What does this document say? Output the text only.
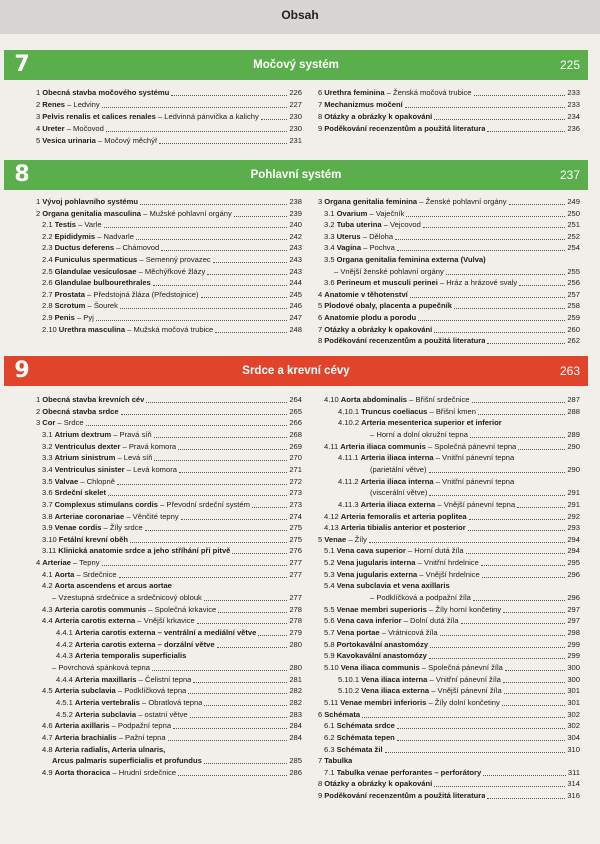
Obsah
7	Močový systém	225
1 Obecná stavba močového systému	226
2 Renes – Ledviny	227
3 Pelvis renalis et calices renales – Ledvinná pánvička a kalichy	230
4 Ureter – Močovod	230
5 Vesica urinaria – Močový měchýř	231
6 Urethra feminina – Ženská močová trubice	233
7 Mechanizmus močení	233
8 Otázky a obrázky k opakování	234
9 Poděkování recenzentům a použitá literatura	236
8	Pohlavní systém	237
1 Vývoj pohlavního systému	238
2 Organa genitalia masculina – Mužské pohlavní orgány	239
2.1 Testis – Varle	240
2.2 Epididymis – Nadvarle	242
2.3 Ductus deferens – Chámovod	243
2.4 Funiculus spermaticus – Semenný provazec	243
2.5 Glandulae vesiculosae – Měchýřkové žlázy	243
2.6 Glandulae bulbourethrales	244
2.7 Prostata – Předstojná žláza (Předstojnice)	245
2.8 Scrotum – Šourek	246
2.9 Penis – Pyj	247
2.10 Urethra masculina – Mužská močová trubice	248
3 Organa genitalia feminina – Ženské pohlavní orgány	249
3.1 Ovarium – Vaječník	250
3.2 Tuba uterina – Vejcovod	251
3.3 Uterus – Děloha	252
3.4 Vagina – Pochva	254
3.5 Organa genitalia feminina externa (Vulva)
– Vnější ženské pohlavní orgány	255
3.6 Perineum et musculi perinei – Hráz a hrázové svaly	256
4 Anatomie v těhotenství	257
5 Plodové obaly, placenta a pupečník	258
6 Anatomie plodu a porodu	259
7 Otázky a obrázky k opakování	260
8 Poděkování recenzentům a použitá literatura	262
9	Srdce a krevní cévy	263
1 Obecná stavba krevních cév	264
2 Obecná stavba srdce	265
3 Cor – Srdce	266
3.1 Atrium dextrum – Pravá síň	268
3.2 Ventriculus dexter – Pravá komora	269
3.3 Atrium sinistrum – Levá síň	270
3.4 Ventriculus sinister – Levá komora	271
3.5 Valvae – Chlopně	272
3.6 Srdeční skelet	273
3.7 Complexus stimulans cordis – Převodní srdeční systém	273
3.8 Arteriae coronariae – Věnčité tepny	274
3.9 Venae cordis – Žíly srdce	275
3.10 Fetální krevní oběh	275
3.11 Klinická anatomie srdce a jeho stříhání při pitvě	276
4 Arteriae – Tepny	277
4.1 Aorta – Srdečnice	277
4.2 Aorta ascendens et arcus aortae
– Vzestupná srdečnice a srdečnicový oblouk	277
4.3 Arteria carotis communis – Společná krkavice	278
4.4 Arteria carotis externa – Vnější krkavice	278
4.4.1 Arteria carotis externa – ventrální a mediální větve	279
4.4.2 Arteria carotis externa – dorzální větve	280
4.4.3 Arteria temporalis superficialis
– Povrchová spánková tepna	280
4.4.4 Arteria maxillaris – Čelistní tepna	281
4.5 Arteria subclavia – Podklíčková tepna	282
4.5.1 Arteria vertebralis – Obratlová tepna	282
4.5.2 Arteria subclavia – ostatní větve	283
4.6 Arteria axillaris – Podpažní tepna	284
4.7 Arteria brachialis – Pažní tepna	284
4.8 Arteria radialis, Arteria ulnaris,
Arcus palmaris superficialis et profundus	285
4.9 Aorta thoracica – Hrudní srdečnice	286
4.10 Aorta abdominalis – Břišní srdečnice	287
4.10.1 Truncus coeliacus – Břišní kmen	288
4.10.2 Arteria mesenterica superior et inferior
– Horní a dolní okružní tepna	289
4.11 Arteria iliaca communis – Společná pánevní tepna	290
4.11.1 Arteria iliaca interna – Vnitřní pánevní tepna
(parietální větve)	290
4.11.2 Arteria iliaca interna – Vnitřní pánevní tepna
(viscerální větve)	291
4.11.3 Arteria iliaca externa – Vnější pánevní tepna	291
4.12 Arteria femoralis et arteria poplitea	292
4.13 Arteria tibialis anterior et posterior	293
5 Venae – Žíly	294
5.1 Vena cava superior – Horní dutá žíla	294
5.2 Vena jugularis interna – Vnitřní hrdelnice	295
5.3 Vena jugularis externa – Vnější hrdelnice	296
5.4 Vena subclavia et vena axillaris
– Podklíčková a podpažní žíla	296
5.5 Venae membri superioris – Žíly horní končetiny	297
5.6 Vena cava inferior – Dolní dutá žíla	297
5.7 Vena portae – Vrátnicová žíla	298
5.8 Portokavální anastomózy	299
5.9 Kavokavální anastomózy	299
5.10 Vena iliaca communis – Společná pánevní žíla	300
5.10.1 Vena iliaca interna – Vnitřní pánevní žíla	300
5.10.2 Vena iliaca externa – Vnější pánevní žíla	301
5.11 Venae membri inferioris – Žíly dolní končetiny	301
6 Schémata	302
6.1 Schémata srdce	302
6.2 Schémata tepen	304
6.3 Schémata žil	310
7 Tabulka
7.1 Tabulka venae perforantes – perforátory	311
8 Otázky a obrázky k opakování	314
9 Poděkování recenzentům a použitá literatura	316
